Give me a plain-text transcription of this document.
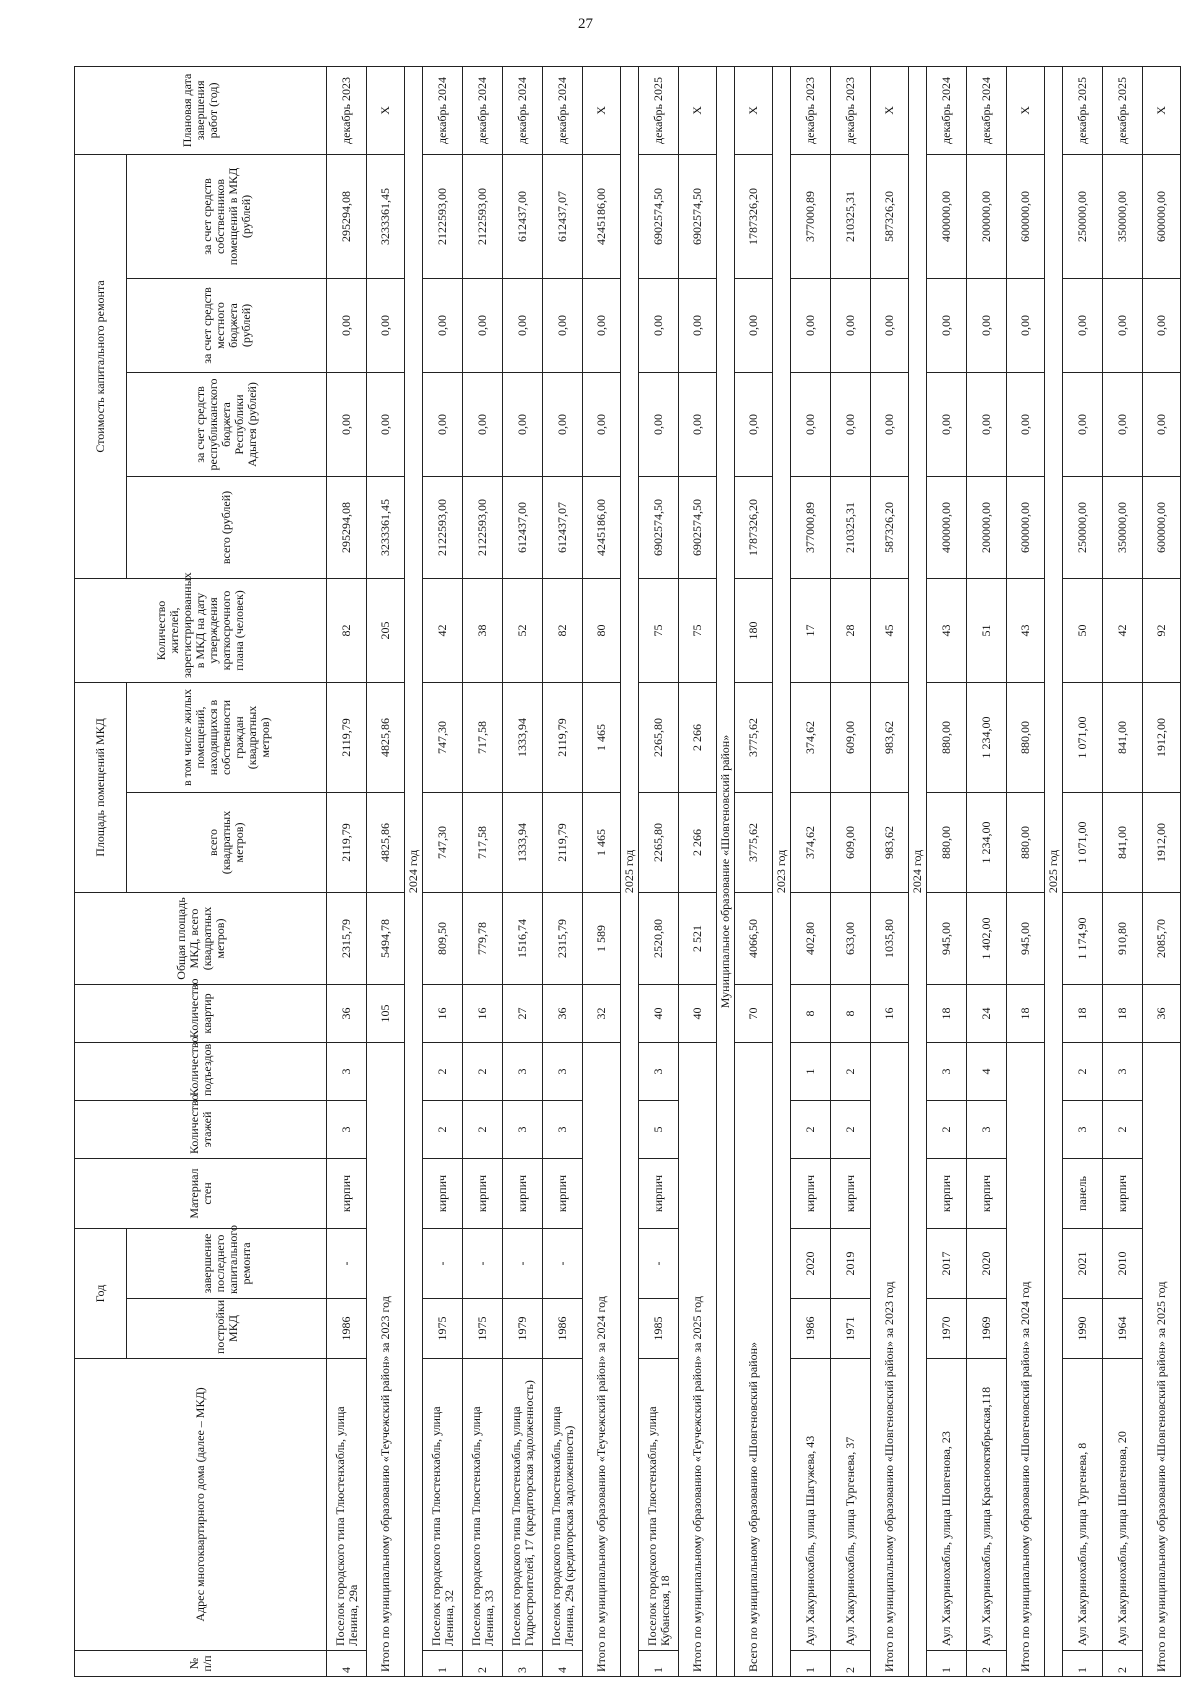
27
№ п/п	Адрес многоквартирного дома (далее – МКД)	Год		Материал стен	Количество этажей	Количество подъездов	Количество квартир	Общая площадь МКД, всего (квадратных метров)	Площадь помещений МКД		Количество жителей, зарегистрированных в МКД на дату утверждения краткосрочного плана (человек)	Стоимость капитального ремонта				Плановая дата завершения работ (год)
		постройки МКД	завершение последнего капитального ремонта						всего (квадратных метров)	в том числе жилых помещений, находящихся в собственности граждан (квадратных метров)		всего (рублей)	за счет средств республиканского бюджета Республики Адыгея (рублей)	за счет средств местного бюджета (рублей)	за счет средств собственников помещений в МКД (рублей)	
4	Поселок городского типа Тлюстенхабль, улица Ленина, 29а	1986	-	кирпич	3	3	36	2315,79	2119,79	2119,79	82	295294,08	0,00	0,00	295294,08	декабрь 2023
Итого по муниципальному образованию «Теучежский район» за 2023 год							105	5494,78	4825,86	4825,86	205	3233361,45	0,00	0,00	3233361,45	Х
2024 год																
1	Поселок городского типа Тлюстенхабль, улица Ленина, 32	1975	-	кирпич	2	2	16	809,50	747,30	747,30	42	2122593,00	0,00	0,00	2122593,00	декабрь 2024
2	Поселок городского типа Тлюстенхабль, улица Ленина, 33	1975	-	кирпич	2	2	16	779,78	717,58	717,58	38	2122593,00	0,00	0,00	2122593,00	декабрь 2024
3	Поселок городского типа Тлюстенхабль, улица Гидростроителей, 17 (кредиторская задолженность)	1979	-	кирпич	3	3	27	1516,74	1333,94	1333,94	52	612437,00	0,00	0,00	612437,00	декабрь 2024
4	Поселок городского типа Тлюстенхабль, улица Ленина, 29а (кредиторская задолженность)	1986	-	кирпич	3	3	36	2315,79	2119,79	2119,79	82	612437,07	0,00	0,00	612437,07	декабрь 2024
Итого по муниципальному образованию «Теучежский район» за 2024 год							32	1 589	1 465	1 465	80	4245186,00	0,00	0,00	4245186,00	Х
2025 год																
1	Поселок городского типа Тлюстенхабль, улица Кубанская, 18	1985	-	кирпич	5	3	40	2520,80	2265,80	2265,80	75	6902574,50	0,00	0,00	6902574,50	декабрь 2025
Итого по муниципальному образованию «Теучежский район» за 2025 год							40	2 521	2 266	2 266	75	6902574,50	0,00	0,00	6902574,50	Х
Муниципальное образование «Шовгеновский район»																
Всего по муниципальному образованию «Шовгеновский район»							70	4066,50	3775,62	3775,62	180	1787326,20	0,00	0,00	1787326,20	Х
2023 год																
1	Аул Хакуринохабль, улица Шагужева, 43	1986	2020	кирпич	2	1	8	402,80	374,62	374,62	17	377000,89	0,00	0,00	377000,89	декабрь 2023
2	Аул Хакуринохабль, улица Тургенева, 37	1971	2019	кирпич	2	2	8	633,00	609,00	609,00	28	210325,31	0,00	0,00	210325,31	декабрь 2023
Итого по муниципальному образованию «Шовгеновский район» за 2023 год							16	1035,80	983,62	983,62	45	587326,20	0,00	0,00	587326,20	Х
2024 год																
1	Аул Хакуринохабль, улица Шовгенова, 23	1970	2017	кирпич	2	3	18	945,00	880,00	880,00	43	400000,00	0,00	0,00	400000,00	декабрь 2024
2	Аул Хакуринохабль, улица Краснооктябрьская,118	1969	2020	кирпич	3	4	24	1 402,00	1 234,00	1 234,00	51	200000,00	0,00	0,00	200000,00	декабрь 2024
Итого по муниципальному образованию «Шовгеновский район» за 2024 год							18	945,00	880,00	880,00	43	600000,00	0,00	0,00	600000,00	Х
2025 год																
1	Аул Хакуринохабль, улица Тургенева, 8	1990	2021	панель	3	2	18	1 174,90	1 071,00	1 071,00	50	250000,00	0,00	0,00	250000,00	декабрь 2025
2	Аул Хакуринохабль, улица Шовгенова, 20	1964	2010	кирпич	2	3	18	910,80	841,00	841,00	42	350000,00	0,00	0,00	350000,00	декабрь 2025
Итого по муниципальному образованию «Шовгеновский район» за 2025 год							36	2085,70	1912,00	1912,00	92	600000,00	0,00	0,00	600000,00	Х
